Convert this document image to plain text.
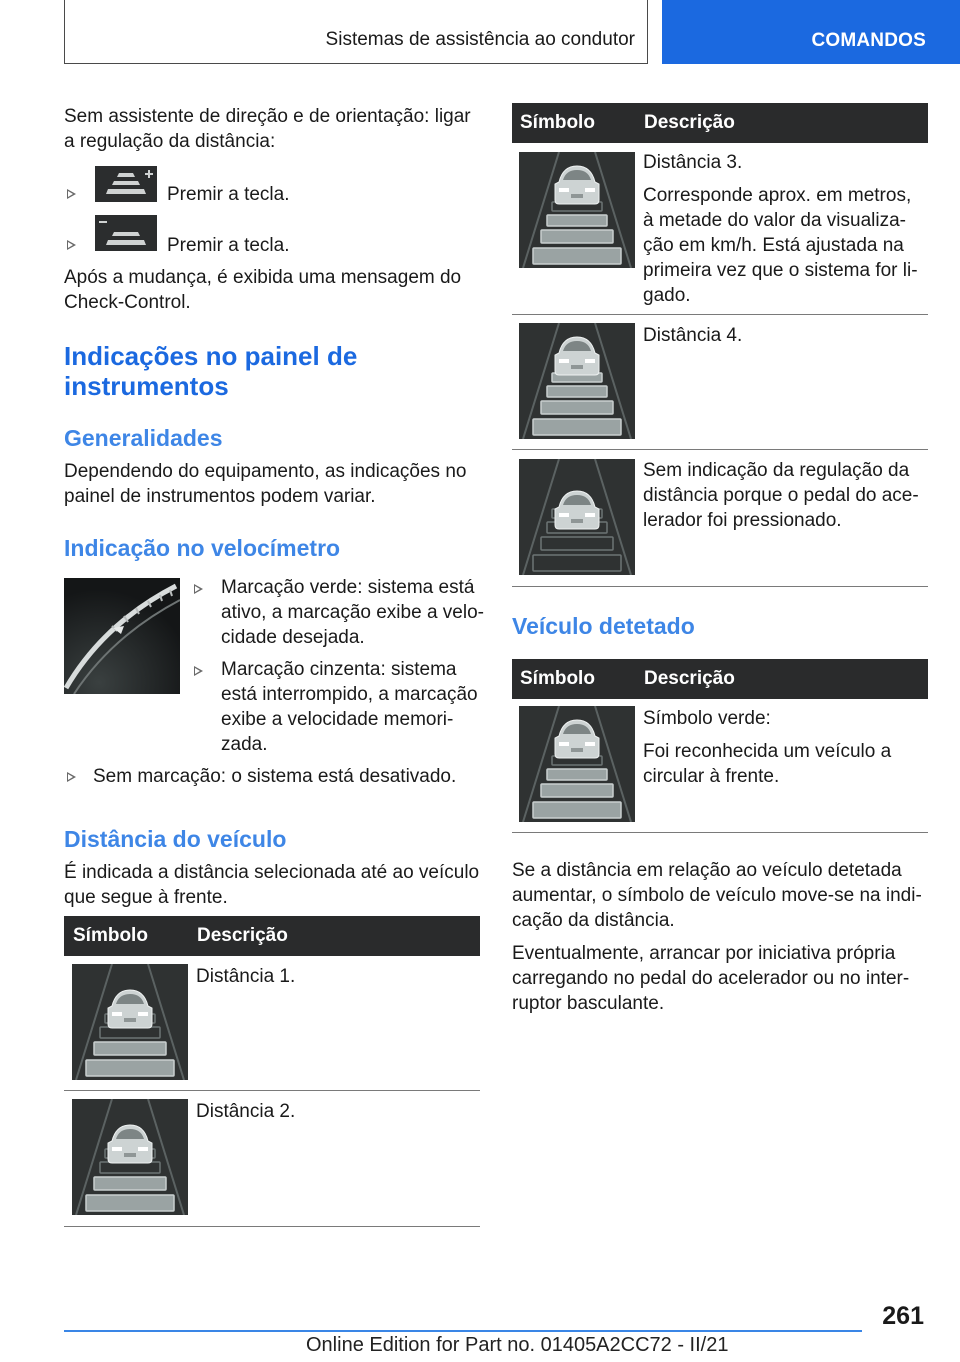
Sistemas de assistência ao condutor	COMANDOS
Sem assistente de direção e de orientação: ligar
a regulação da distância:
Premir a tecla.
Premir a tecla.
Após a mudança, é exibida uma mensagem do
Check-Control.
Indicações no painel de
instrumentos
Generalidades
Dependendo do equipamento, as indicações no
painel de instrumentos podem variar.
Indicação no velocímetro
Marcação verde: sistema está
ativo, a marcação exibe a velo-
cidade desejada.
Marcação cinzenta: sistema
está interrompido, a marcação
exibe a velocidade memori-
zada.
Sem marcação: o sistema está desativado.
Distância do veículo
É indicada a distância selecionada até ao veículo
que segue à frente.
Símbolo	Descrição
Distância 1.
Distância 2.
Símbolo	Descrição
Distância 3.
Corresponde aprox. em metros,
à metade do valor da visualiza-
ção em km/h. Está ajustada na
primeira vez que o sistema for li-
gado.
Distância 4.
Sem indicação da regulação da
distância porque o pedal do ace-
lerador foi pressionado.
Veículo detetado
Símbolo	Descrição
Símbolo verde:
Foi reconhecida um veículo a
circular à frente.
Se a distância em relação ao veículo detetada
aumentar, o símbolo de veículo move-se na indi-
cação da distância.
Eventualmente, arrancar por iniciativa própria
carregando no pedal do acelerador ou no inter-
ruptor basculante.
261
Online Edition for Part no. 01405A2CC72 - II/21
